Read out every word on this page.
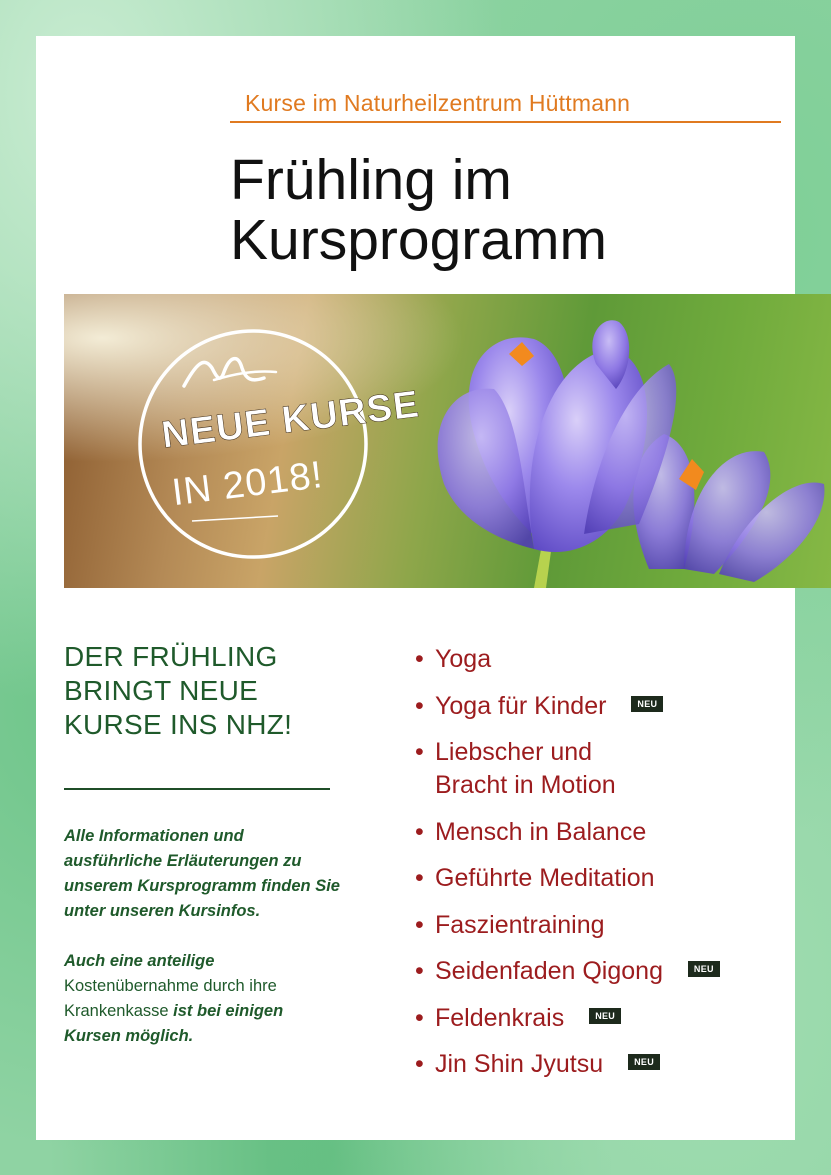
Kurse im Naturheilzentrum Hüttmann
Frühling im
Kursprogramm
NEUE KURSE
IN 2018!
DER FRÜHLING
BRINGT NEUE
KURSE INS NHZ!

Alle Informationen und ausführliche Erläuterungen zu unserem Kursprogramm finden Sie unter unseren Kursinfos.

Auch eine anteilige
Kostenübernahme durch ihre Krankenkasse ist bei einigen Kursen möglich.

• Yoga
• Yoga für Kinder	NEU
• Liebscher und
Bracht in Motion
• Mensch in Balance
• Geführte Meditation
• Faszientraining
• Seidenfaden Qigong	NEU
• Feldenkrais	NEU
• Jin Shin Jyutsu	NEU
